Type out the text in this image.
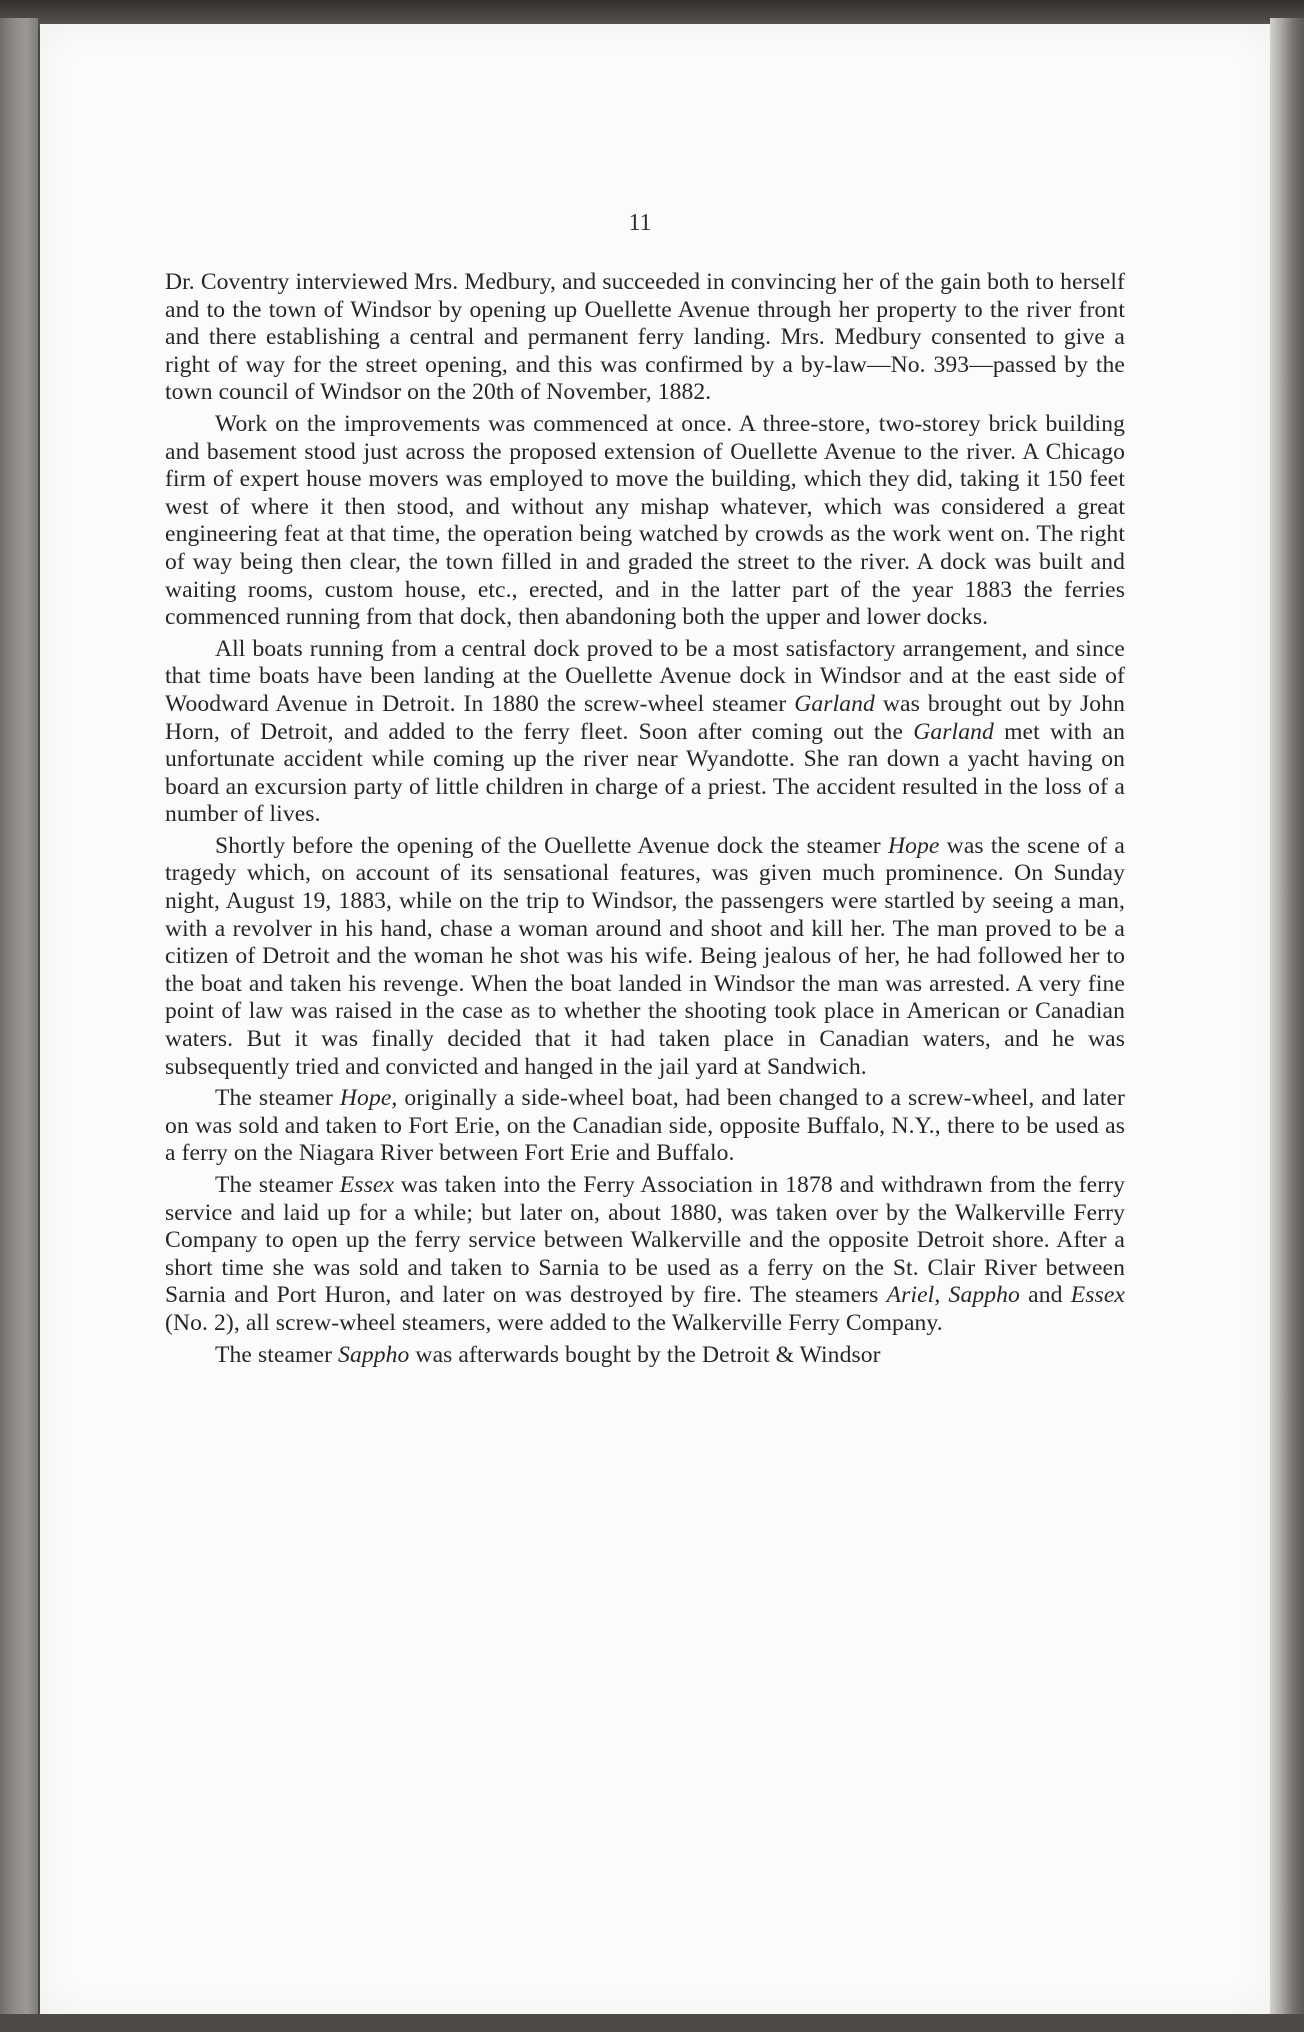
11

Dr. Coventry interviewed Mrs. Medbury, and succeeded in convincing her of the gain both to herself and to the town of Windsor by opening up Ouellette Avenue through her property to the river front and there establishing a central and permanent ferry landing. Mrs. Medbury consented to give a right of way for the street opening, and this was confirmed by a by-law—No. 393—passed by the town council of Windsor on the 20th of November, 1882.

Work on the improvements was commenced at once. A three-store, two-storey brick building and basement stood just across the proposed extension of Ouellette Avenue to the river. A Chicago firm of expert house movers was employed to move the building, which they did, taking it 150 feet west of where it then stood, and without any mishap whatever, which was considered a great engineering feat at that time, the operation being watched by crowds as the work went on. The right of way being then clear, the town filled in and graded the street to the river. A dock was built and waiting rooms, custom house, etc., erected, and in the latter part of the year 1883 the ferries commenced running from that dock, then abandoning both the upper and lower docks.

All boats running from a central dock proved to be a most satisfactory arrangement, and since that time boats have been landing at the Ouellette Avenue dock in Windsor and at the east side of Woodward Avenue in Detroit. In 1880 the screw-wheel steamer Garland was brought out by John Horn, of Detroit, and added to the ferry fleet. Soon after coming out the Garland met with an unfortunate accident while coming up the river near Wyandotte. She ran down a yacht having on board an excursion party of little children in charge of a priest. The accident resulted in the loss of a number of lives.

Shortly before the opening of the Ouellette Avenue dock the steamer Hope was the scene of a tragedy which, on account of its sensational features, was given much prominence. On Sunday night, August 19, 1883, while on the trip to Windsor, the passengers were startled by seeing a man, with a revolver in his hand, chase a woman around and shoot and kill her. The man proved to be a citizen of Detroit and the woman he shot was his wife. Being jealous of her, he had followed her to the boat and taken his revenge. When the boat landed in Windsor the man was arrested. A very fine point of law was raised in the case as to whether the shooting took place in American or Canadian waters. But it was finally decided that it had taken place in Canadian waters, and he was subsequently tried and convicted and hanged in the jail yard at Sandwich.

The steamer Hope, originally a side-wheel boat, had been changed to a screw-wheel, and later on was sold and taken to Fort Erie, on the Canadian side, opposite Buffalo, N.Y., there to be used as a ferry on the Niagara River between Fort Erie and Buffalo.

The steamer Essex was taken into the Ferry Association in 1878 and withdrawn from the ferry service and laid up for a while; but later on, about 1880, was taken over by the Walkerville Ferry Company to open up the ferry service between Walkerville and the opposite Detroit shore. After a short time she was sold and taken to Sarnia to be used as a ferry on the St. Clair River between Sarnia and Port Huron, and later on was destroyed by fire. The steamers Ariel, Sappho and Essex (No. 2), all screw-wheel steamers, were added to the Walkerville Ferry Company.

The steamer Sappho was afterwards bought by the Detroit & Windsor
